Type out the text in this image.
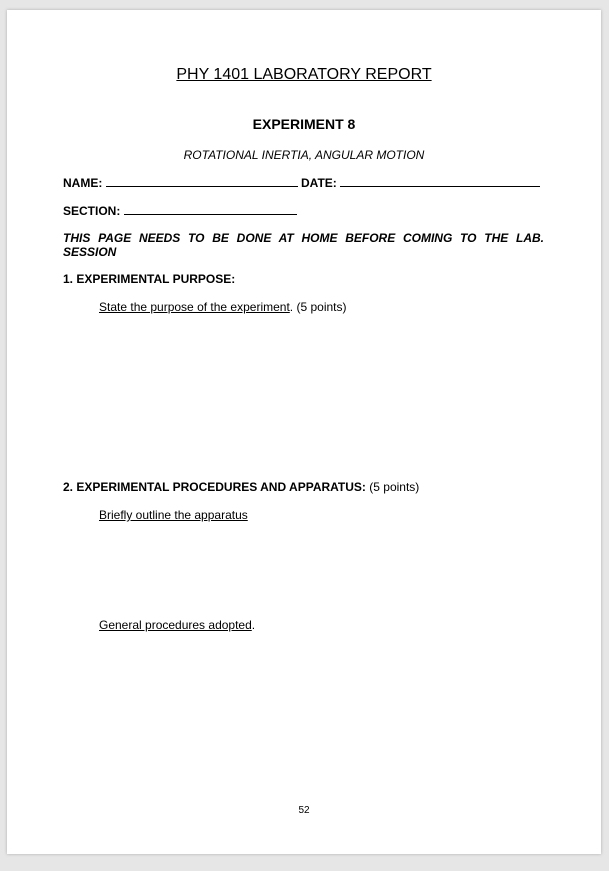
PHY 1401 LABORATORY REPORT
EXPERIMENT 8
ROTATIONAL INERTIA, ANGULAR MOTION
NAME:	DATE:
SECTION:
THIS PAGE NEEDS TO BE DONE AT HOME BEFORE COMING TO THE LAB. SESSION
1. EXPERIMENTAL PURPOSE:
State the purpose of the experiment. (5 points)
2. EXPERIMENTAL PROCEDURES AND APPARATUS: (5 points)
Briefly outline the apparatus
General procedures adopted.
52
